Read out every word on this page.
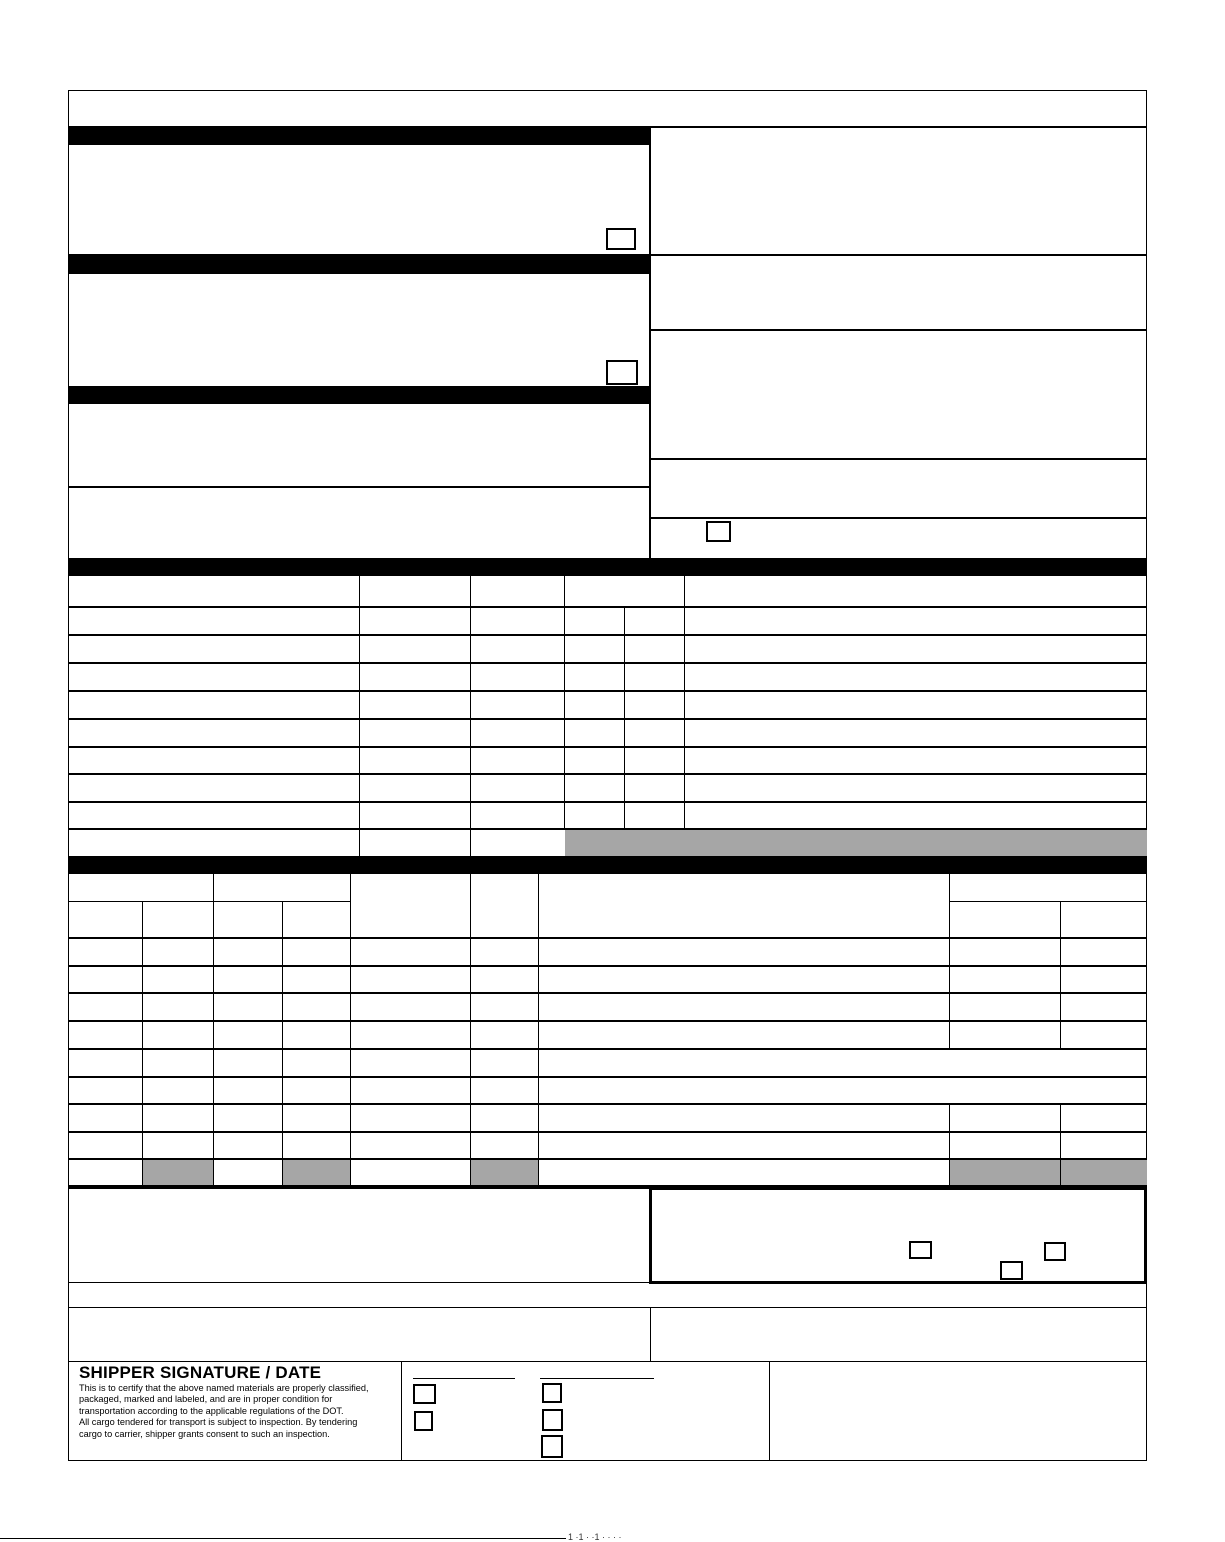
SHIPPER SIGNATURE / DATE
This is to certify that the above named materials are properly classified,
packaged, marked and labeled, and are in proper condition for
transportation according to the applicable regulations of the DOT.
All cargo tendered for transport is subject to inspection. By tendering
cargo to carrier, shipper grants consent to such an inspection.
1 ·1 · ·1 · · · ·
